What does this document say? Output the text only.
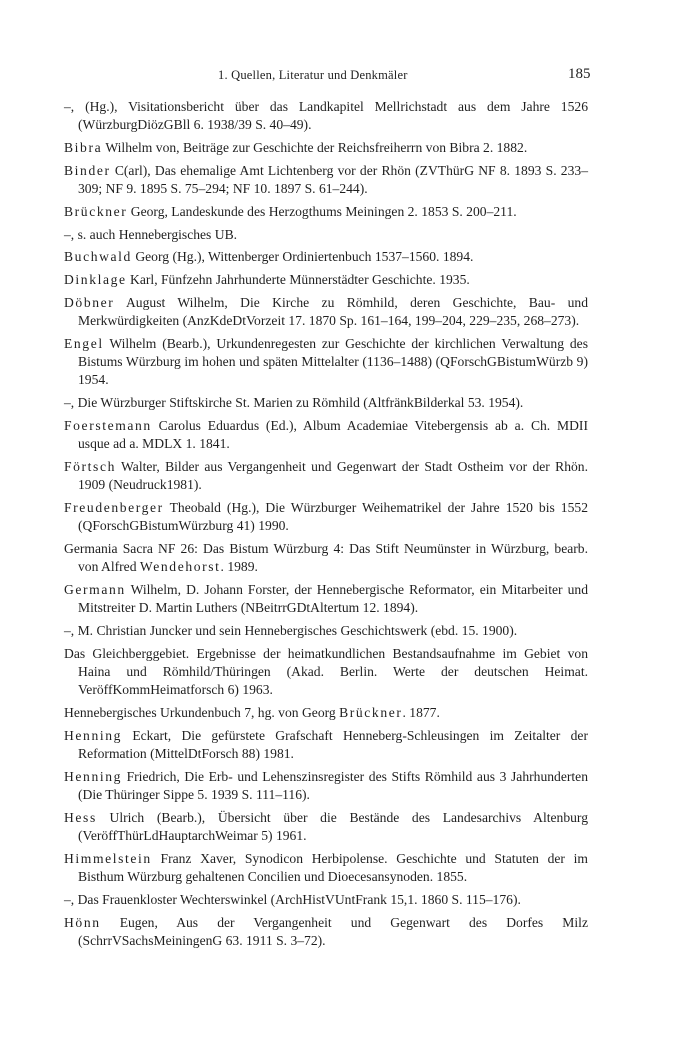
1. Quellen, Literatur und Denkmäler	185
–, (Hg.), Visitationsbericht über das Landkapitel Mellrichstadt aus dem Jahre 1526 (WürzburgDiözGBll 6. 1938/39 S. 40–49).
Bibra Wilhelm von, Beiträge zur Geschichte der Reichsfreiherrn von Bibra 2. 1882.
Binder C(arl), Das ehemalige Amt Lichtenberg vor der Rhön (ZVThürG NF 8. 1893 S. 233–309; NF 9. 1895 S. 75–294; NF 10. 1897 S. 61–244).
Brückner Georg, Landeskunde des Herzogthums Meiningen 2. 1853 S. 200–211.
–, s. auch Hennebergisches UB.
Buchwald Georg (Hg.), Wittenberger Ordiniertenbuch 1537–1560. 1894.
Dinklage Karl, Fünfzehn Jahrhunderte Münnerstädter Geschichte. 1935.
Döbner August Wilhelm, Die Kirche zu Römhild, deren Geschichte, Bau- und Merkwürdigkeiten (AnzKdeDtVorzeit 17. 1870 Sp. 161–164, 199–204, 229–235, 268–273).
Engel Wilhelm (Bearb.), Urkundenregesten zur Geschichte der kirchlichen Verwaltung des Bistums Würzburg im hohen und späten Mittelalter (1136–1488) (QForschGBistumWürzb 9) 1954.
–, Die Würzburger Stiftskirche St. Marien zu Römhild (AltfränkBilderkal 53. 1954).
Foerstemann Carolus Eduardus (Ed.), Album Academiae Vitebergensis ab a. Ch. MDII usque ad a. MDLX 1. 1841.
Förtsch Walter, Bilder aus Vergangenheit und Gegenwart der Stadt Ostheim vor der Rhön. 1909 (Neudruck1981).
Freudenberger Theobald (Hg.), Die Würzburger Weihematrikel der Jahre 1520 bis 1552 (QForschGBistumWürzburg 41) 1990.
Germania Sacra NF 26: Das Bistum Würzburg 4: Das Stift Neumünster in Würzburg, bearb. von Alfred Wendehorst. 1989.
Germann Wilhelm, D. Johann Forster, der Hennebergische Reformator, ein Mitarbeiter und Mitstreiter D. Martin Luthers (NBeitrrGDtAltertum 12. 1894).
–, M. Christian Juncker und sein Hennebergisches Geschichtswerk (ebd. 15. 1900).
Das Gleichberggebiet. Ergebnisse der heimatkundlichen Bestandsaufnahme im Gebiet von Haina und Römhild/Thüringen (Akad. Berlin. Werte der deutschen Heimat. VeröffKommHeimatforsch 6) 1963.
Hennebergisches Urkundenbuch 7, hg. von Georg Brückner. 1877.
Henning Eckart, Die gefürstete Grafschaft Henneberg-Schleusingen im Zeitalter der Reformation (MittelDtForsch 88) 1981.
Henning Friedrich, Die Erb- und Lehenszinsregister des Stifts Römhild aus 3 Jahrhunderten (Die Thüringer Sippe 5. 1939 S. 111–116).
Hess Ulrich (Bearb.), Übersicht über die Bestände des Landesarchivs Altenburg (VeröffThürLdHauptarchWeimar 5) 1961.
Himmelstein Franz Xaver, Synodicon Herbipolense. Geschichte und Statuten der im Bisthum Würzburg gehaltenen Concilien und Dioecesansynoden. 1855.
–, Das Frauenkloster Wechterswinkel (ArchHistVUntFrank 15,1. 1860 S. 115–176).
Hönn Eugen, Aus der Vergangenheit und Gegenwart des Dorfes Milz (SchrrVSachsMeiningenG 63. 1911 S. 3–72).
